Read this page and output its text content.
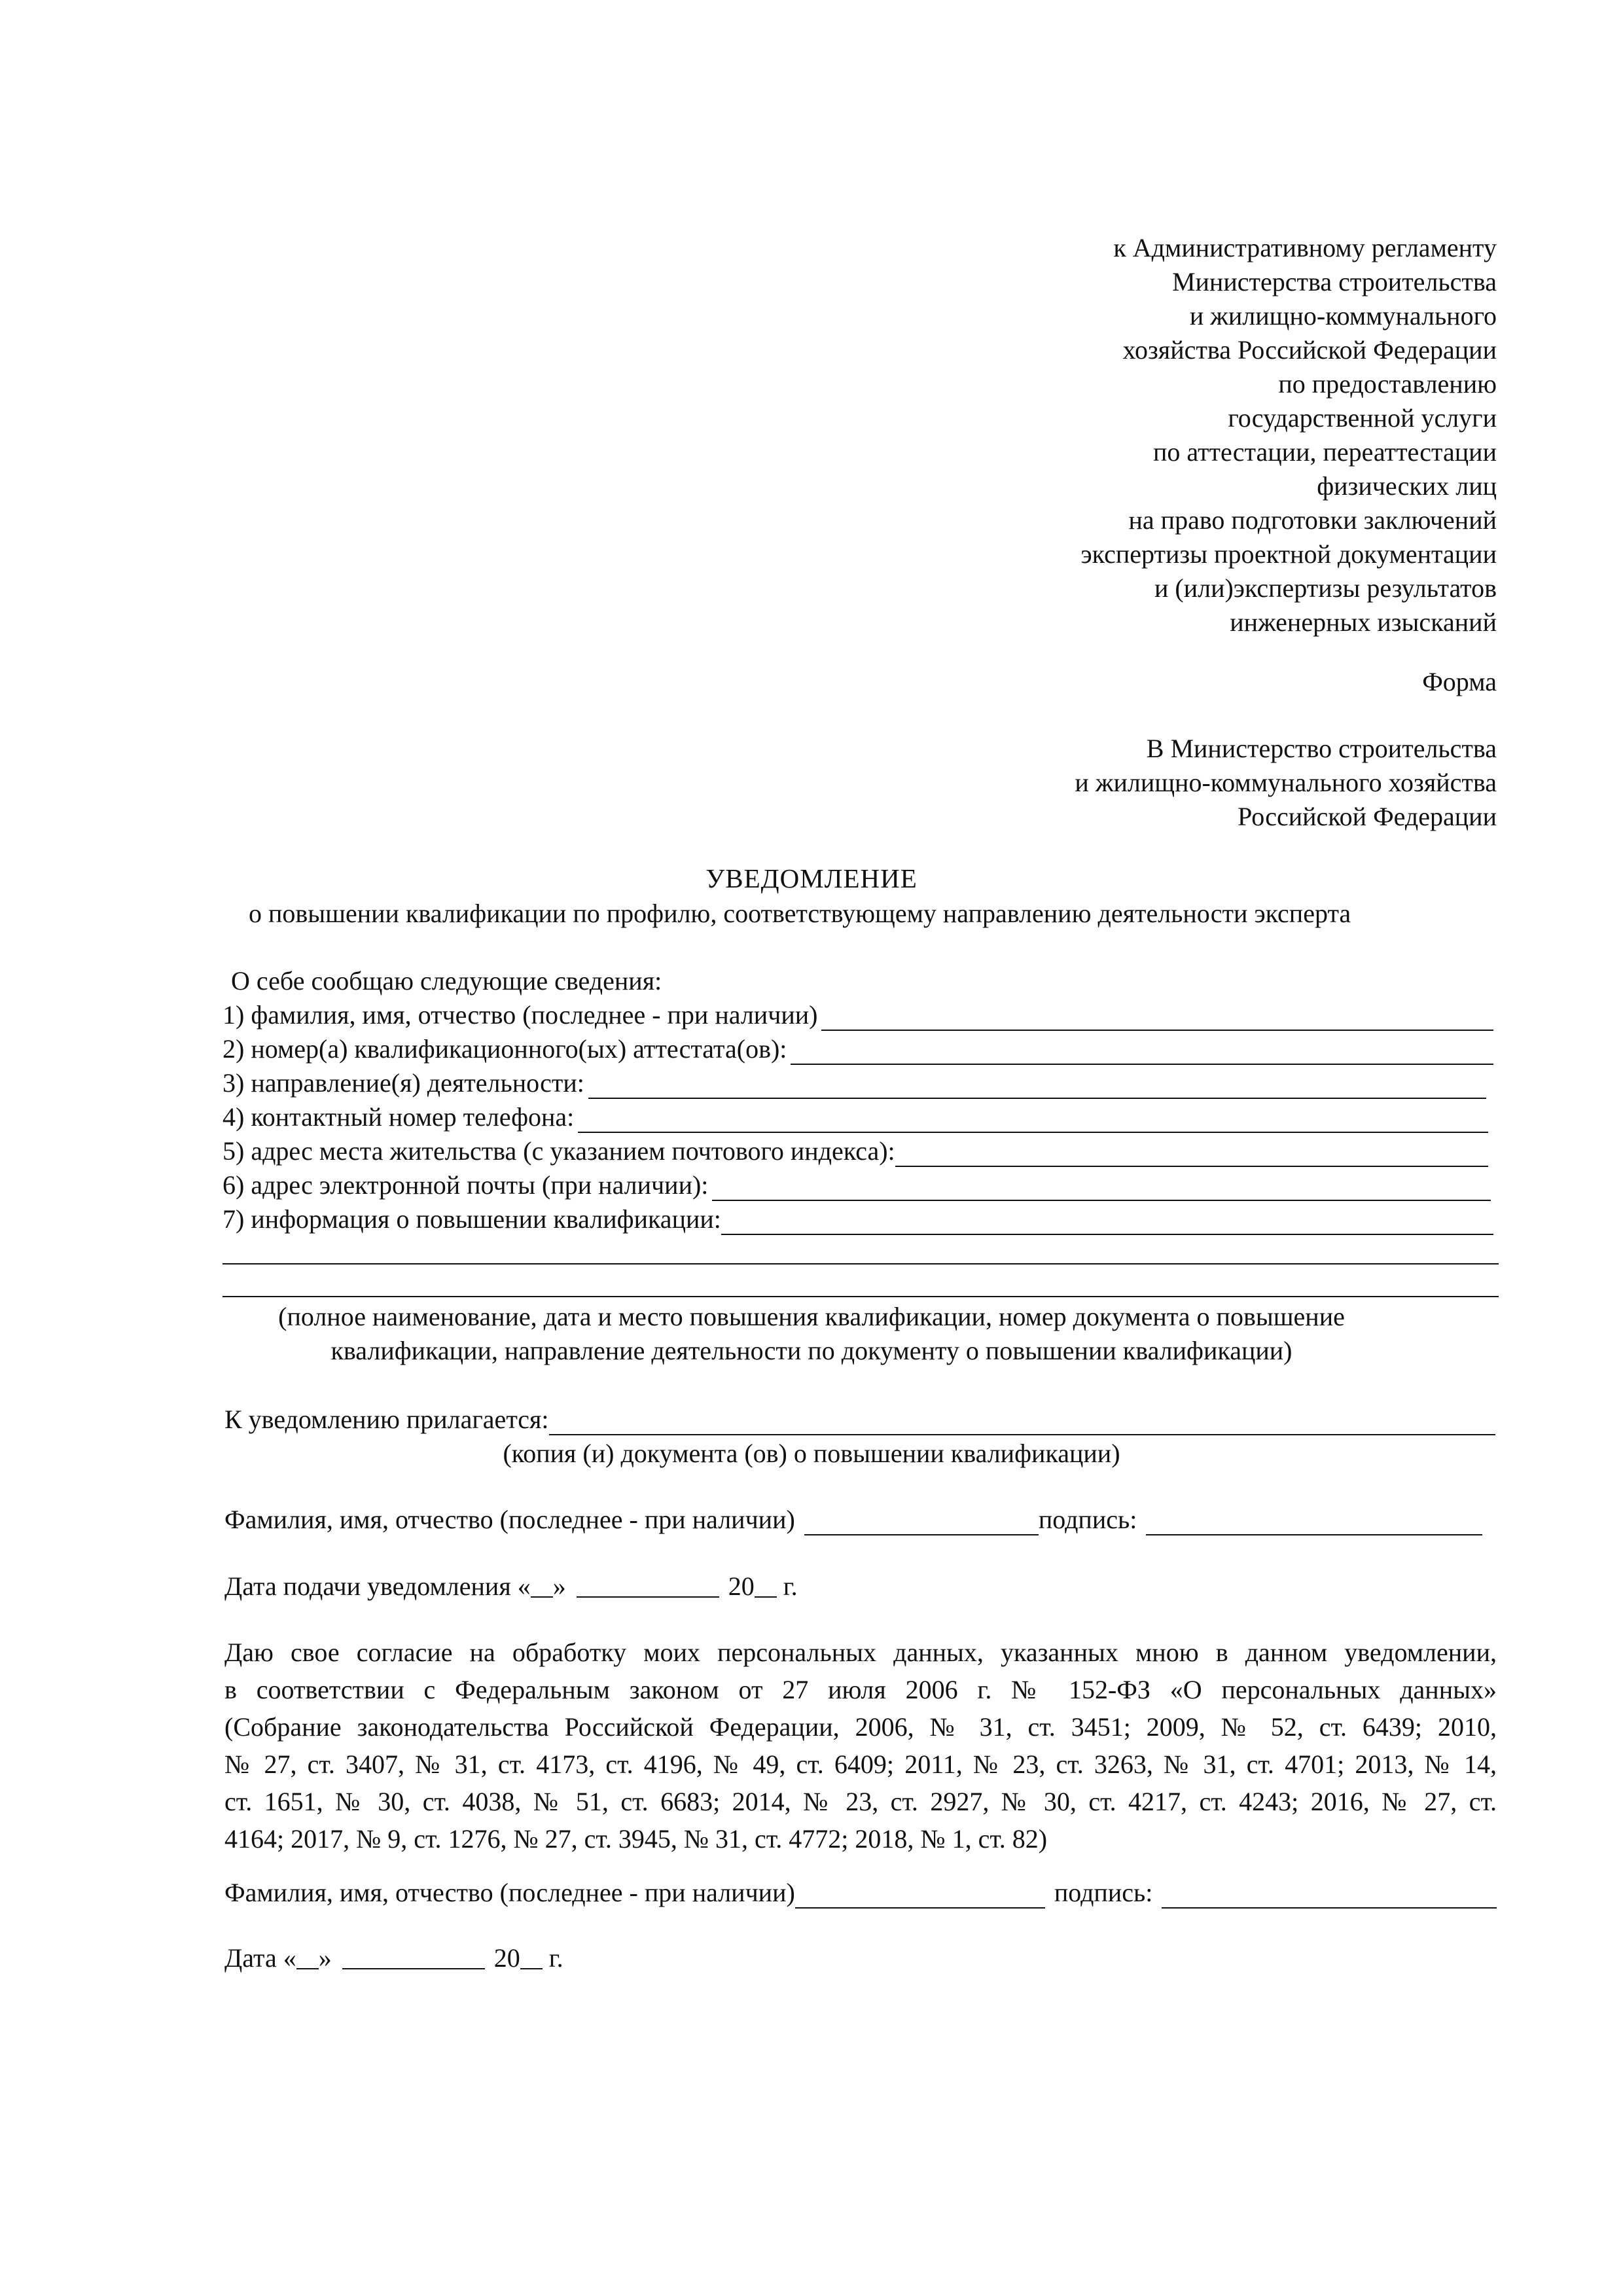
к Административному регламенту
Министерства строительства
и жилищно-коммунального
хозяйства Российской Федерации
по предоставлению
государственной услуги
по аттестации, переаттестации
физических лиц
на право подготовки заключений
экспертизы проектной документации
и (или)экспертизы результатов
инженерных изысканий
Форма
В Министерство строительства
и жилищно-коммунального хозяйства
Российской Федерации
УВЕДОМЛЕНИЕ
о повышении квалификации по профилю, соответствующему направлению деятельности эксперта
О себе сообщаю следующие сведения:
1) фамилия, имя, отчество (последнее - при наличии)
2) номер(а) квалификационного(ых) аттестата(ов):
3) направление(я) деятельности:
4) контактный номер телефона:
5) адрес места жительства (с указанием почтового индекса):
6) адрес электронной почты (при наличии):
7) информация о повышении квалификации:
(полное наименование, дата и место повышения квалификации, номер документа о повышение
квалификации, направление деятельности по документу о повышении квалификации)
К уведомлению прилагается:
(копия (и) документа (ов) о повышении квалификации)
Фамилия, имя, отчество (последнее - при наличии)	подпись:
Дата подачи уведомления « »	20 г.
Даю свое согласие на обработку моих персональных данных, указанных мною в данном уведомлении,
в соответствии с Федеральным законом от 27 июля 2006 г. № 152-ФЗ «О персональных данных»
(Собрание законодательства Российской Федерации, 2006, № 31, ст. 3451; 2009, № 52, ст. 6439; 2010,
№ 27, ст. 3407, № 31, ст. 4173, ст. 4196, № 49, ст. 6409; 2011, № 23, ст. 3263, № 31, ст. 4701; 2013, № 14,
ст. 1651, № 30, ст. 4038, № 51, ст. 6683; 2014, № 23, ст. 2927, № 30, ст. 4217, ст. 4243; 2016, № 27, ст.
4164; 2017, № 9, ст. 1276, № 27, ст. 3945, № 31, ст. 4772; 2018, № 1, ст. 82)
Фамилия, имя, отчество (последнее - при наличии)	подпись:
Дата « »	20 г.
